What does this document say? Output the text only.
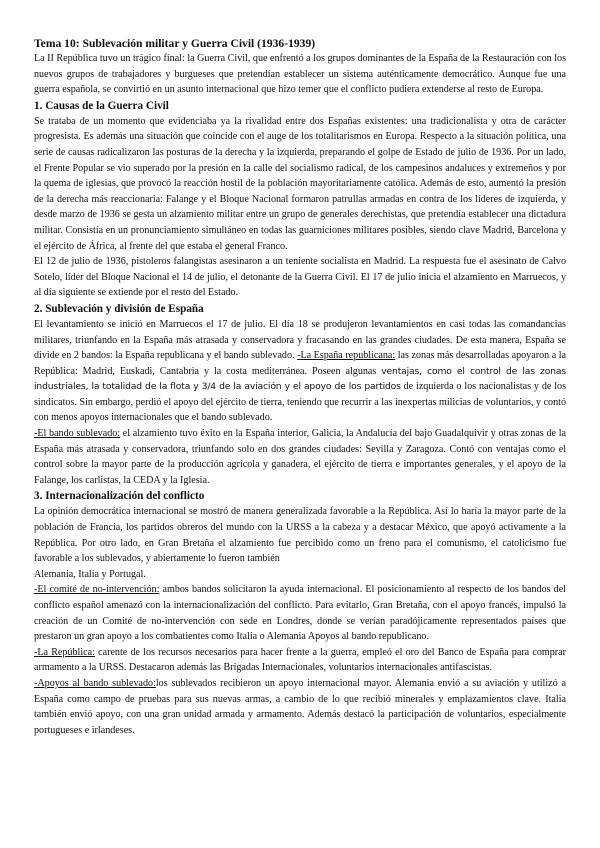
Tema 10: Sublevación militar y Guerra Civil (1936-1939)

La II República tuvo un trágico final: la Guerra Civil, que enfrentó a los grupos dominantes de la España de la Restauración con los nuevos grupos de trabajadores y burgueses que pretendían establecer un sistema auténticamente democrático. Aunque fue una guerra española, se convirtió en un asunto internacional que hizo temer que el conflicto pudiera extenderse al resto de Europa.

1. Causas de la Guerra Civil

Se trataba de un momento que evidenciaba ya la rivalidad entre dos Españas existentes: una tradicionalista y otra de carácter progresista. Es además una situación que coincide con el auge de los totalitarismos en Europa. Respecto a la situación política, una serie de causas radicalizaron las posturas de la derecha y la izquierda, preparando el golpe de Estado de julio de 1936. Por un lado, el Frente Popular se vio superado por la presión en la calle del socialismo radical, de los campesinos andaluces y extremeños y por la quema de iglesias, que provocó la reacción hostil de la población mayoritariamente católica. Además de esto, aumentó la presión de la derecha más reaccionaria: Falange y el Bloque Nacional formaron patrullas armadas en contra de los líderes de izquierda, y desde marzo de 1936 se gesta un alzamiento militar entre un grupo de generales derechistas, que pretendía establecer una dictadura militar. Consistía en un pronunciamiento simultáneo en todas las guarniciones militares posibles, siendo clave Madrid, Barcelona y el ejército de África, al frente del que estaba el general Franco.

El 12 de julio de 1936, pistoleros falangistas asesinaron a un teniente socialista en Madrid. La respuesta fue el asesinato de Calvo Sotelo, líder del Bloque Nacional el 14 de julio, el detonante de la Guerra Civil. El 17 de julio inicia el alzamiento en Marruecos, y al día siguiente se extiende por el resto del Estado.

2. Sublevación y división de España

El levantamiento se inició en Marruecos el 17 de julio. El día 18 se produjeron levantamientos en casi todas las comandancias militares, triunfando en la España más atrasada y conservadora y fracasando en las grandes ciudades. De esta manera, España se divide en 2 bandos: la España republicana y el bando sublevado. -La España republicana: las zonas más desarrolladas apoyaron a la República: Madrid, Euskadi, Cantabria y la costa mediterránea. Poseen algunas ventajas, como el control de las zonas industriales, la totalidad de la flota y 3/4 de la aviación y el apoyo de los partidos de izquierda o los nacionalistas y de los sindicatos. Sin embargo, perdió el apoyo del ejército de tierra, teniendo que recurrir a las inexpertas milicias de voluntarios, y contó con menos apoyos internacionales que el bando sublevado.

-El bando sublevado: el alzamiento tuvo éxito en la España interior, Galicia, la Andalucía del bajo Guadalquivir y otras zonas de la España más atrasada y conservadora, triunfando solo en dos grandes ciudades: Sevilla y Zaragoza. Contó con ventajas como el control sobre la mayor parte de la producción agrícola y ganadera, el ejército de tierra e importantes generales, y el apoyo de la Falange, los carlistas, la CEDA y la Iglesia.

3. Internacionalización del conflicto

La opinión democrática internacional se mostró de manera generalizada favorable a la República. Así lo haría la mayor parte de la población de Francia, los partidos obreros del mundo con la URSS a la cabeza y a destacar México, que apoyó activamente a la República. Por otro lado, en Gran Bretaña el alzamiento fue percibido como un freno para el comunismo, el catolicismo fue favorable a los sublevados, y abiertamente lo fueron también

Alemania, Italia y Portugal.

-El comité de no-intervención: ambos bandos solicitaron la ayuda internacional. El posicionamiento al respecto de los bandos del conflicto español amenazó con la internacionalización del conflicto. Para evitarlo, Gran Bretaña, con el apoyo francés, impulsó la creación de un Comité de no-intervención con sede en Londres, donde se verían paradójicamente representados países que prestaron un gran apoyo a los combatientes como Italia o Alemania Apoyos al bando republicano.

-La República: carente de los recursos necesarios para hacer frente a la guerra, empleó el oro del Banco de España para comprar armamento a la URSS. Destacaron además las Brigadas Internacionales, voluntarios internacionales antifascistas.

-Apoyos al bando sublevado:los sublevados recibieron un apoyo internacional mayor. Alemania envió a su aviación y utilizó a España como campo de pruebas para sus nuevas armas, a cambio de lo que recibió minerales y emplazamientos clave. Italia también envió apoyo, con una gran unidad armada y armamento. Además destacó la participación de voluntarios, especialmente portugueses e irlandeses.
